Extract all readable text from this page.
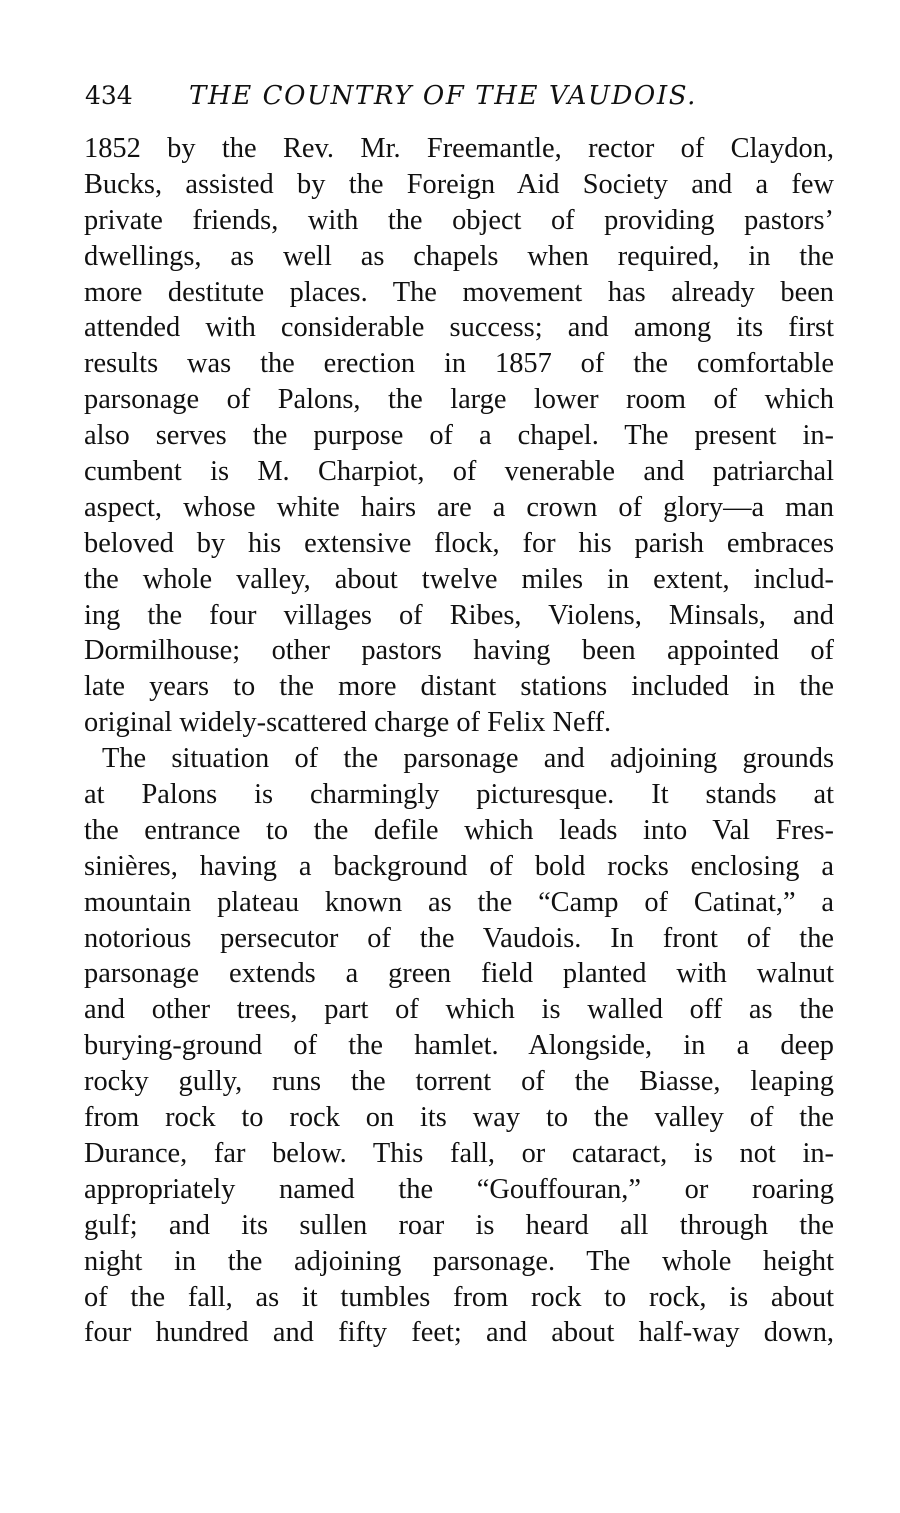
434 THE COUNTRY OF THE VAUDOIS.
1852 by the Rev. Mr. Freemantle, rector of Claydon,
Bucks, assisted by the Foreign Aid Society and a few
private friends, with the object of providing pastors’
dwellings, as well as chapels when required, in the
more destitute places. The movement has already been
attended with considerable success; and among its first
results was the erection in 1857 of the comfortable
parsonage of Palons, the large lower room of which
also serves the purpose of a chapel. The present in-
cumbent is M. Charpiot, of venerable and patriarchal
aspect, whose white hairs are a crown of glory—a man
beloved by his extensive flock, for his parish embraces
the whole valley, about twelve miles in extent, includ-
ing the four villages of Ribes, Violens, Minsals, and
Dormilhouse; other pastors having been appointed of
late years to the more distant stations included in the
original widely-scattered charge of Felix Neff.
The situation of the parsonage and adjoining grounds
at Palons is charmingly picturesque. It stands at
the entrance to the defile which leads into Val Fres-
sinières, having a background of bold rocks enclosing a
mountain plateau known as the “Camp of Catinat,” a
notorious persecutor of the Vaudois. In front of the
parsonage extends a green field planted with walnut
and other trees, part of which is walled off as the
burying-ground of the hamlet. Alongside, in a deep
rocky gully, runs the torrent of the Biasse, leaping
from rock to rock on its way to the valley of the
Durance, far below. This fall, or cataract, is not in-
appropriately named the “Gouffouran,” or roaring
gulf; and its sullen roar is heard all through the
night in the adjoining parsonage. The whole height
of the fall, as it tumbles from rock to rock, is about
four hundred and fifty feet; and about half-way down,
